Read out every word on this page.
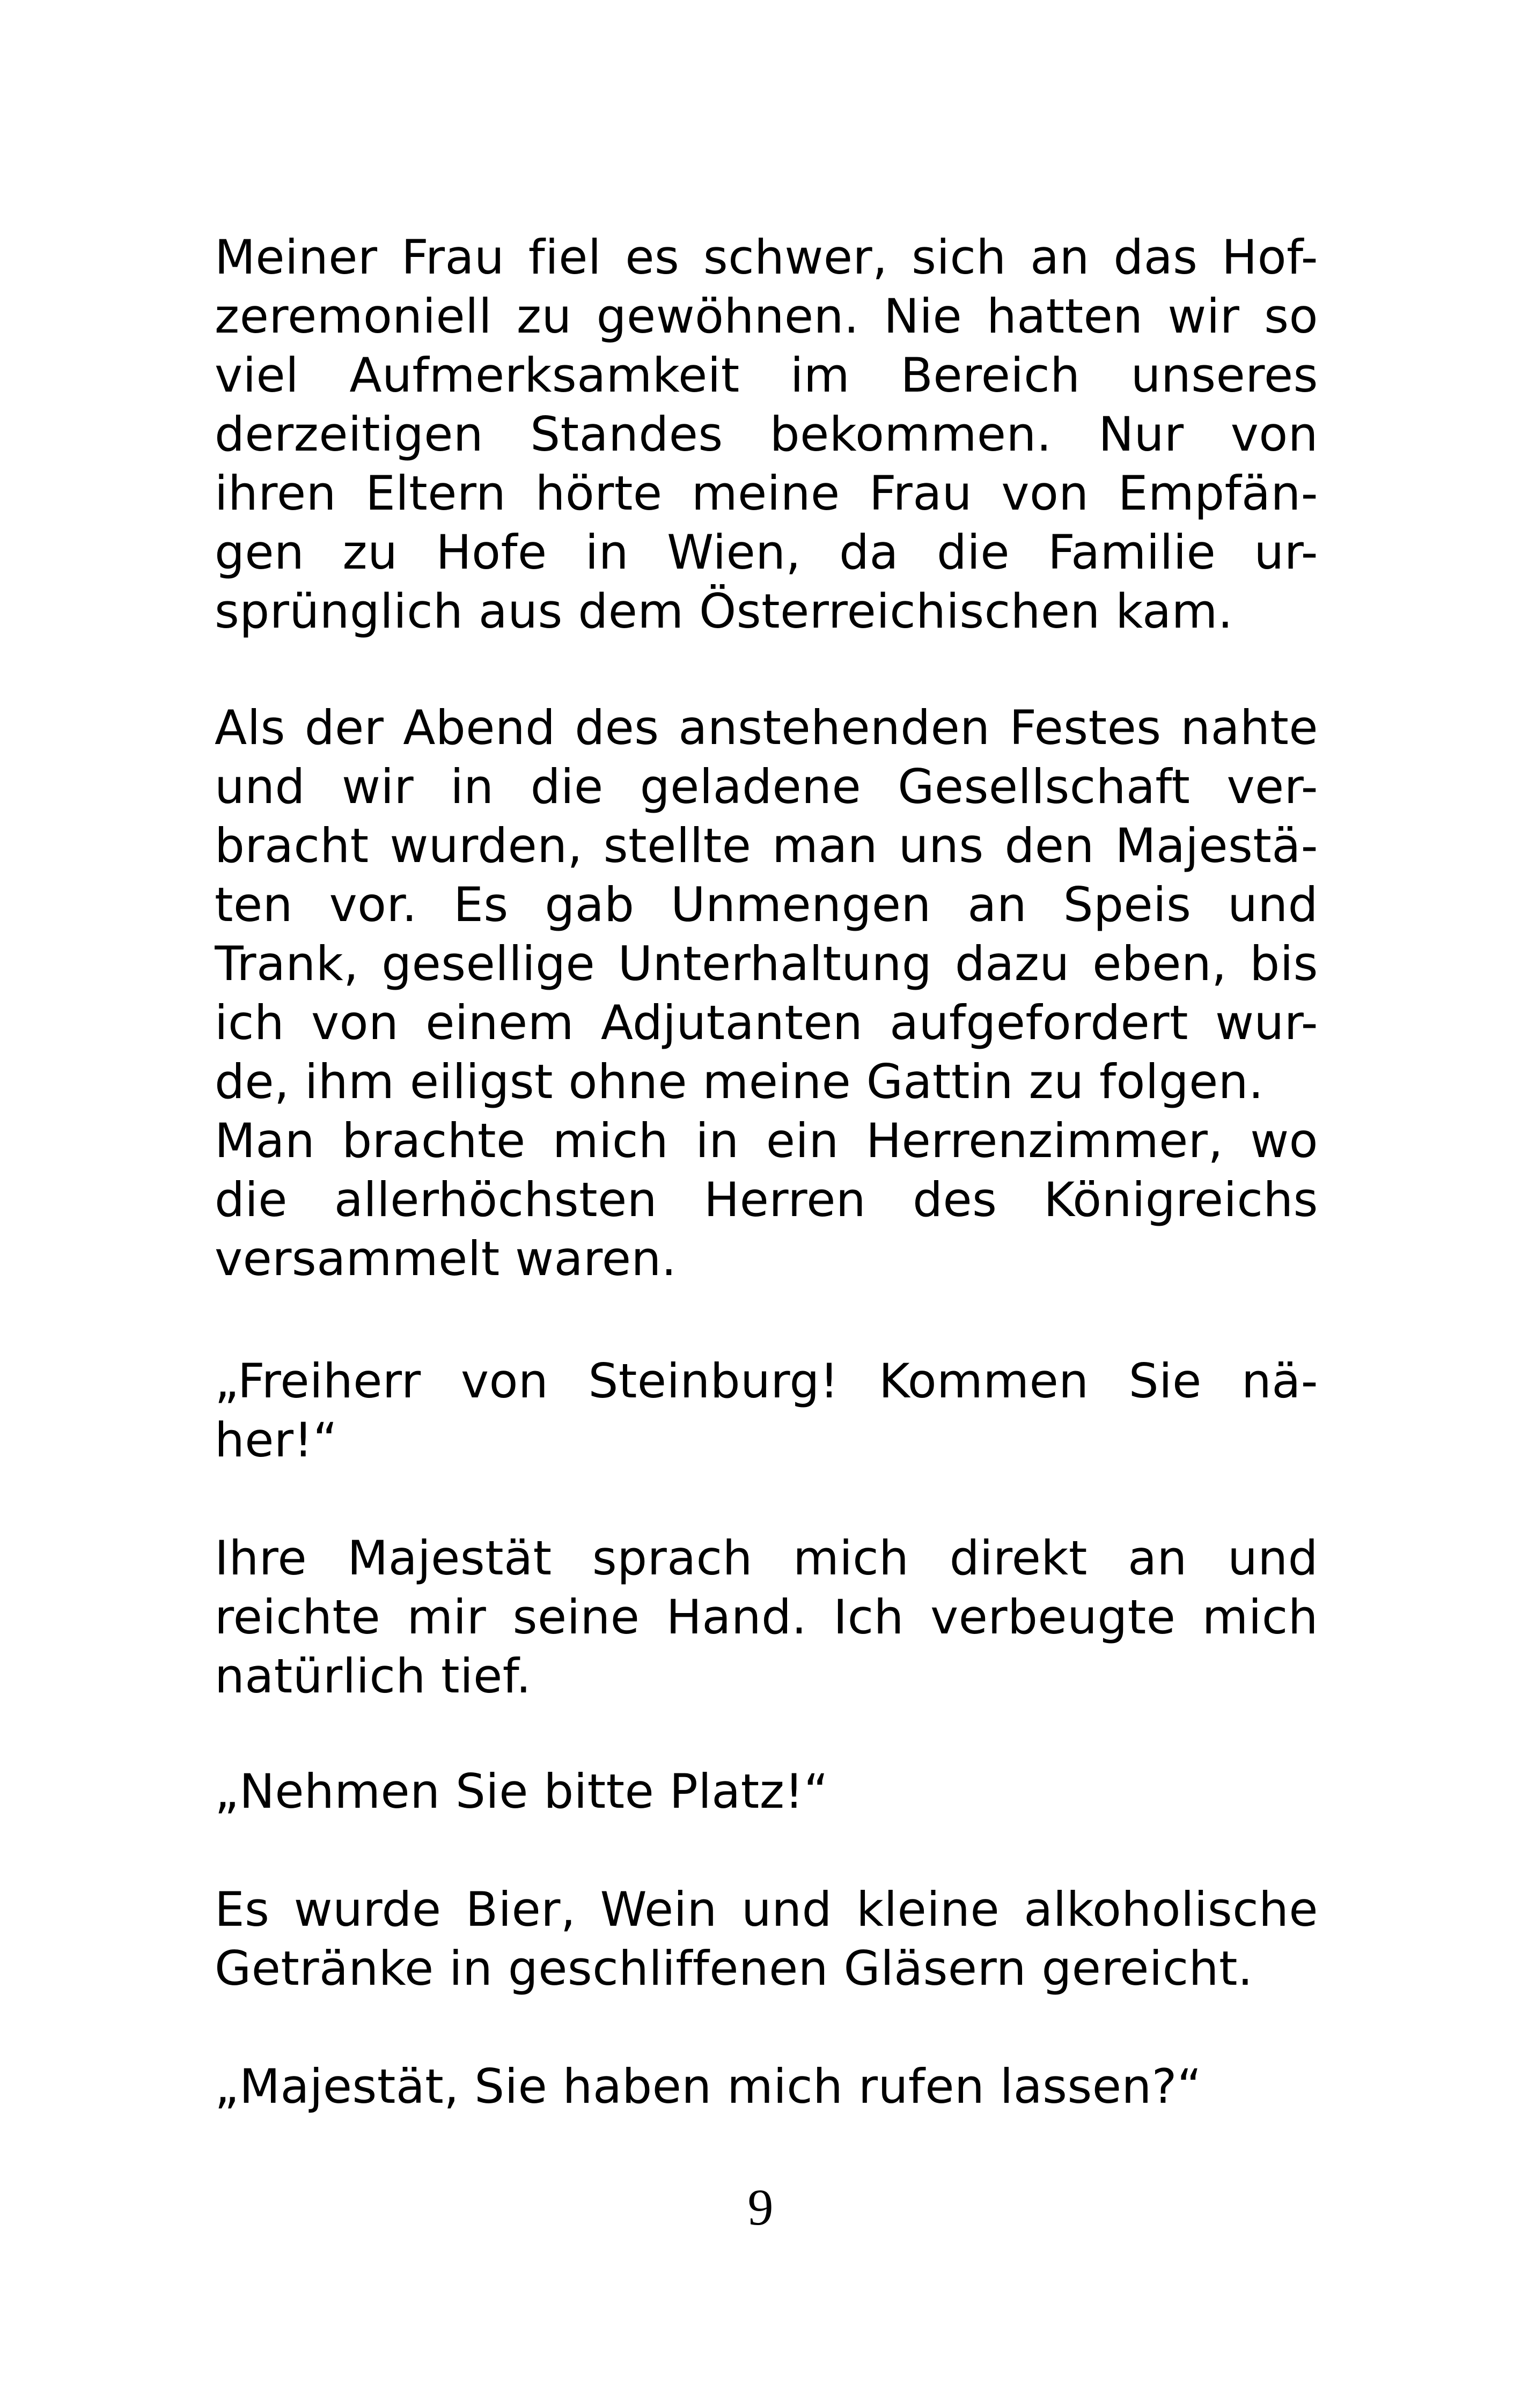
Meiner Frau fiel es schwer, sich an das Hof-
zeremoniell zu gewöhnen. Nie hatten wir so
viel Aufmerksamkeit im Bereich unseres
derzeitigen Standes bekommen. Nur von
ihren Eltern hörte meine Frau von Empfän-
gen zu Hofe in Wien, da die Familie ur-
sprünglich aus dem Österreichischen kam.
Als der Abend des anstehenden Festes nahte
und wir in die geladene Gesellschaft ver-
bracht wurden, stellte man uns den Majestä-
ten vor. Es gab Unmengen an Speis und
Trank, gesellige Unterhaltung dazu eben, bis
ich von einem Adjutanten aufgefordert wur-
de, ihm eiligst ohne meine Gattin zu folgen.
Man brachte mich in ein Herrenzimmer, wo
die allerhöchsten Herren des Königreichs
versammelt waren.
„Freiherr von Steinburg! Kommen Sie nä-
her!“
Ihre Majestät sprach mich direkt an und
reichte mir seine Hand. Ich verbeugte mich
natürlich tief.
„Nehmen Sie bitte Platz!“
Es wurde Bier, Wein und kleine alkoholische
Getränke in geschliffenen Gläsern gereicht.
„Majestät, Sie haben mich rufen lassen?“
9
